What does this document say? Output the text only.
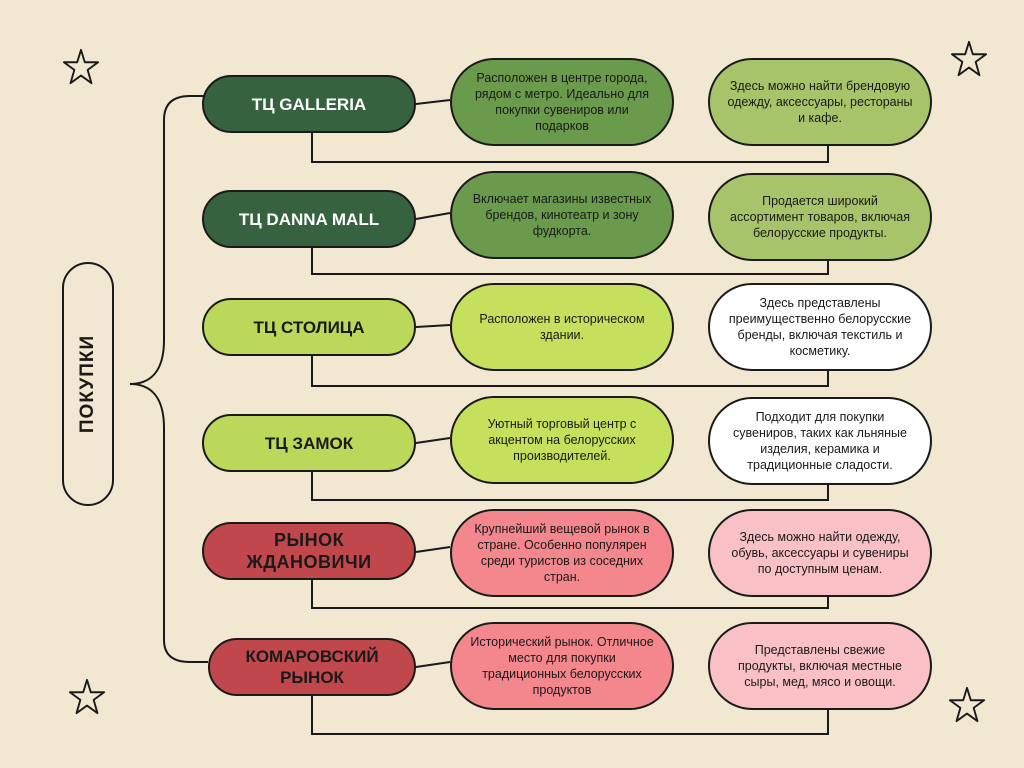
ПОКУПКИ
ТЦ GALLERIA
Расположен в центре города, рядом с метро. Идеально для покупки сувениров или подарков
Здесь можно найти брендовую одежду, аксессуары, рестораны и кафе.
ТЦ DANNA MALL
Включает магазины известных брендов, кинотеатр и зону фудкорта.
Продается широкий ассортимент товаров, включая белорусские продукты.
ТЦ СТОЛИЦА	Расположен в историческом здании.
Здесь представлены преимущественно белорусские бренды, включая текстиль и косметику.
ТЦ ЗАМОК
Уютный торговый центр с акцентом на белорусских производителей.
Подходит для покупки сувениров, таких как льняные изделия, керамика и традиционные сладости.
РЫНОК ЖДАНОВИЧИ
Крупнейший вещевой рынок в стране. Особенно популярен среди туристов из соседних стран.
Здесь можно найти одежду, обувь, аксессуары и сувениры по доступным ценам.
КОМАРОВСКИЙ РЫНОК
Исторический рынок. Отличное место для покупки традиционных белорусских продуктов
Представлены свежие продукты, включая местные сыры, мед, мясо и овощи.
